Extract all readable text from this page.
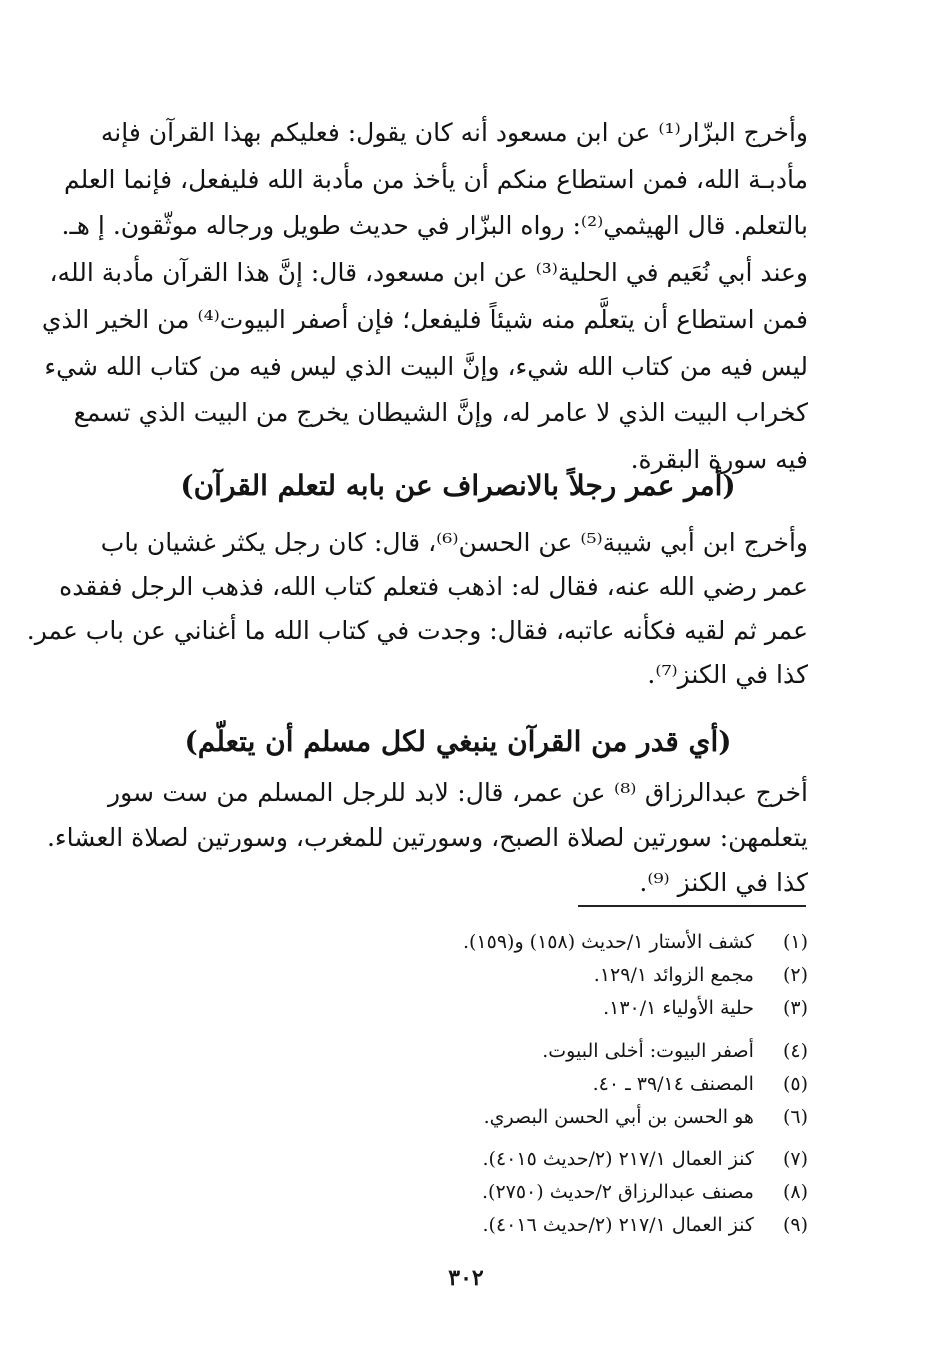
وأخرج البزّار⁽¹⁾ عن ابن مسعود أنه كان يقول: فعليكم بهذا القرآن فإنه
مأدبـة الله، فمن استطاع منكم أن يأخذ من مأدبة الله فليفعل، فإنما العلم
بالتعلم. قال الهيثمي⁽²⁾: رواه البزّار في حديث طويل ورجاله موثّقون. إ هـ.
وعند أبي نُعَيم في الحلية⁽³⁾ عن ابن مسعود، قال: إنَّ هذا القرآن مأدبة الله،
فمن استطاع أن يتعلَّم منه شيئاً فليفعل؛ فإن أصفر البيوت⁽⁴⁾ من الخير الذي
ليس فيه من كتاب الله شيء، وإنَّ البيت الذي ليس فيه من كتاب الله شيء
كخراب البيت الذي لا عامر له، وإنَّ الشيطان يخرج من البيت الذي تسمع
فيه سورة البقرة.
(أمر عمر رجلاً بالانصراف عن بابه لتعلم القرآن)
وأخرج ابن أبي شيبة⁽⁵⁾ عن الحسن⁽⁶⁾، قال: كان رجل يكثر غشيان باب
عمر رضي الله عنه، فقال له: اذهب فتعلم كتاب الله، فذهب الرجل ففقده
عمر ثم لقيه فكأنه عاتبه، فقال: وجدت في كتاب الله ما أغناني عن باب عمر.
كذا في الكنز⁽⁷⁾.
(أي قدر من القرآن ينبغي لكل مسلم أن يتعلّم)
أخرج عبدالرزاق ⁽⁸⁾ عن عمر، قال: لابد للرجل المسلم من ست سور
يتعلمهن: سورتين لصلاة الصبح، وسورتين للمغرب، وسورتين لصلاة العشاء.
كذا في الكنز ⁽⁹⁾.
(١) كشف الأستار ١/حديث (١٥٨) و(١٥٩).
(٢) مجمع الزوائد ١٢٩/١.
(٣) حلية الأولياء ١٣٠/١.
(٤) أصفر البيوت: أخلى البيوت.
(٥) المصنف ٣٩/١٤ ـ ٤٠.
(٦) هو الحسن بن أبي الحسن البصري.
(٧) كنز العمال ٢١٧/١ (٢/حديث ٤٠١٥).
(٨) مصنف عبدالرزاق ٢/حديث (٢٧٥٠).
(٩) كنز العمال ٢١٧/١ (٢/حديث ٤٠١٦).
٣٠٢
